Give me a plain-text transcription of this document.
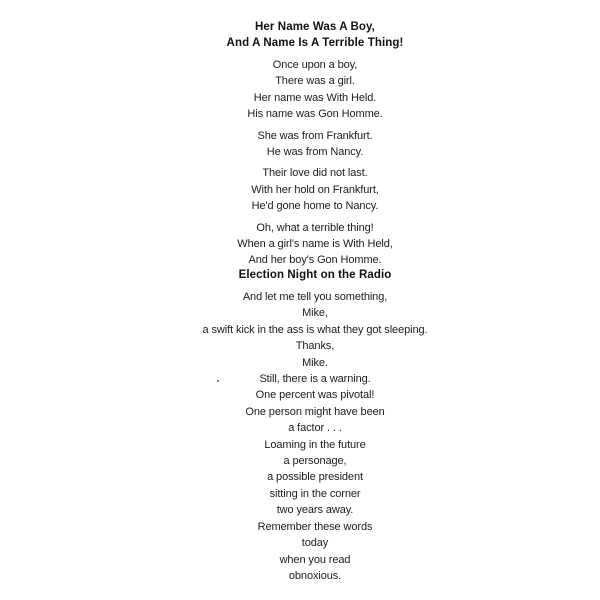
Her Name Was A Boy,
And A Name Is A Terrible Thing!
Once upon a boy,
There was a girl.
Her name was With Held.
His name was Gon Homme.
She was from Frankfurt.
He was from Nancy.
Their love did not last.
With her hold on Frankfurt,
He'd gone home to Nancy.
Oh, what a terrible thing!
When a girl's name is With Held,
And her boy's Gon Homme.
Election Night on the Radio
And let me tell you something,
Mike,
a swift kick in the ass is what they got sleeping.
Thanks,
Mike.
Still, there is a warning.
One percent was pivotal!
One person might have been
a factor . . .
Loaming in the future
a personage,
a possible president
sitting in the corner
two years away.
Remember these words
today
when you read
obnoxious.
